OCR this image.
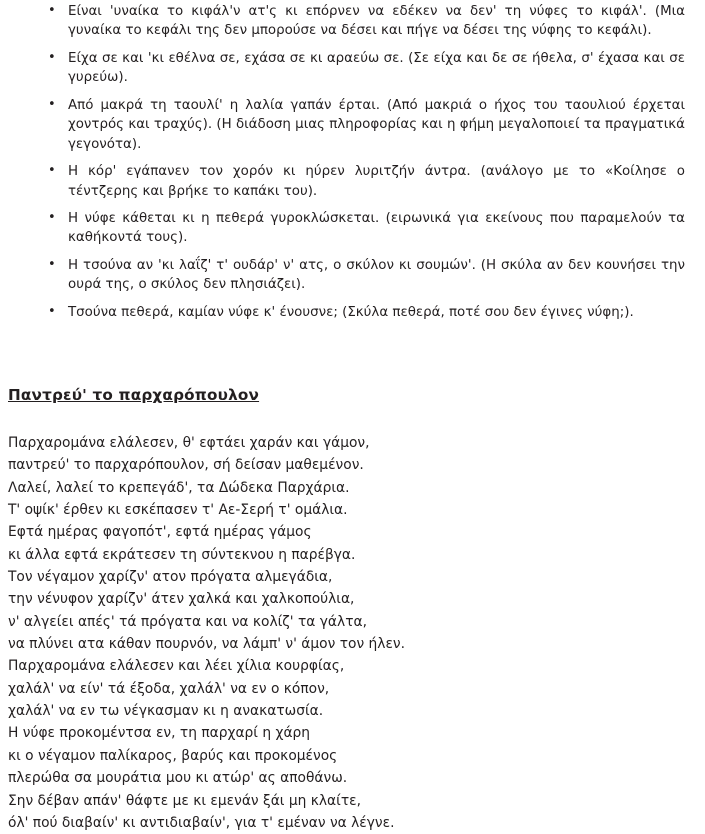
• Είναι 'υναίκα το κιφάλ'ν ατ'ς κι επόρνεν να εδέκεν να δεν' τη νύφες το κιφάλ'. (Μια γυναίκα το κεφάλι της δεν μπορούσε να δέσει και πήγε να δέσει της νύφης το κεφάλι).
• Είχα σε και 'κι εθέλνα σε, εχάσα σε κι αραεύω σε. (Σε είχα και δε σε ήθελα, σ' έχασα και σε γυρεύω).
• Από μακρά τη ταουλί' η λαλία γαπάν έρται. (Από μακριά ο ήχος του ταουλιού έρχεται χοντρός και τραχύς). (Η διάδοση μιας πληροφορίας και η φήμη μεγαλοποιεί τα πραγματικά γεγονότα).
• Η κόρ' εγάπανεν τον χορόν κι ηύρεν λυριτζήν άντρα. (ανάλογο με το «Κοίλησε ο τέντζερης και βρήκε το καπάκι του).
• Η νύφε κάθεται κι η πεθερά γυροκλώσκεται. (ειρωνικά για εκείνους που παραμελούν τα καθήκοντά τους).
• Η τσούνα αν 'κι λαΐζ' τ' ουδάρ' ν' ατς, ο σκύλον κι σουμών'. (Η σκύλα αν δεν κουνήσει την ουρά της, ο σκύλος δεν πλησιάζει).
• Τσούνα πεθερά, καμίαν νύφε κ' ένουσνε; (Σκύλα πεθερά, ποτέ σου δεν έγινες νύφη;).
Παντρεύ' το παρχαρόπουλον
Παρχαρομάνα ελάλεσεν, θ' εφτάει χαράν και γάμον,
παντρεύ' το παρχαρόπουλον, σή δείσαν μαθεμένον.
Λαλεί, λαλεί το κρεπεγάδ', τα Δώδεκα Παρχάρια.
Τ' οψίκ' έρθεν κι εσκέπασεν τ' Αε-Σερή τ' ομάλια.
Εφτά ημέρας φαγοπότ', εφτά ημέρας γάμος
κι άλλα εφτά εκράτεσεν τη σύντεκνου η παρέβγα.
Τον νέγαμον χαρίζν' ατον πρόγατα αλμεγάδια,
την νένυφον χαρίζν' άτεν χαλκά και χαλκοπούλια,
ν' αλγείει απές' τά πρόγατα και να κολίζ' τα γάλτα,
να πλύνει ατα κάθαν πουρνόν, να λάμπ' ν' άμον τον ήλεν.
Παρχαρομάνα ελάλεσεν και λέει χίλια κουρφίας,
χαλάλ' να είν' τά έξοδα, χαλάλ' να εν ο κόπον,
χαλάλ' να εν τω νέγκασμαν κι η ανακατωσία.
Η νύφε προκομέντσα εν, τη παρχαρί η χάρη
κι ο νέγαμον παλίκαρος, βαρύς και προκομένος
πλερώθα σα μουράτια μου κι ατώρ' ας αποθάνω.
Σην δέβαν απάν' θάφτε με κι εμενάν ξάι μη κλαίτε,
όλ' πού διαβαίν' κι αντιδιαβαίν', για τ' εμέναν να λέγνε.
